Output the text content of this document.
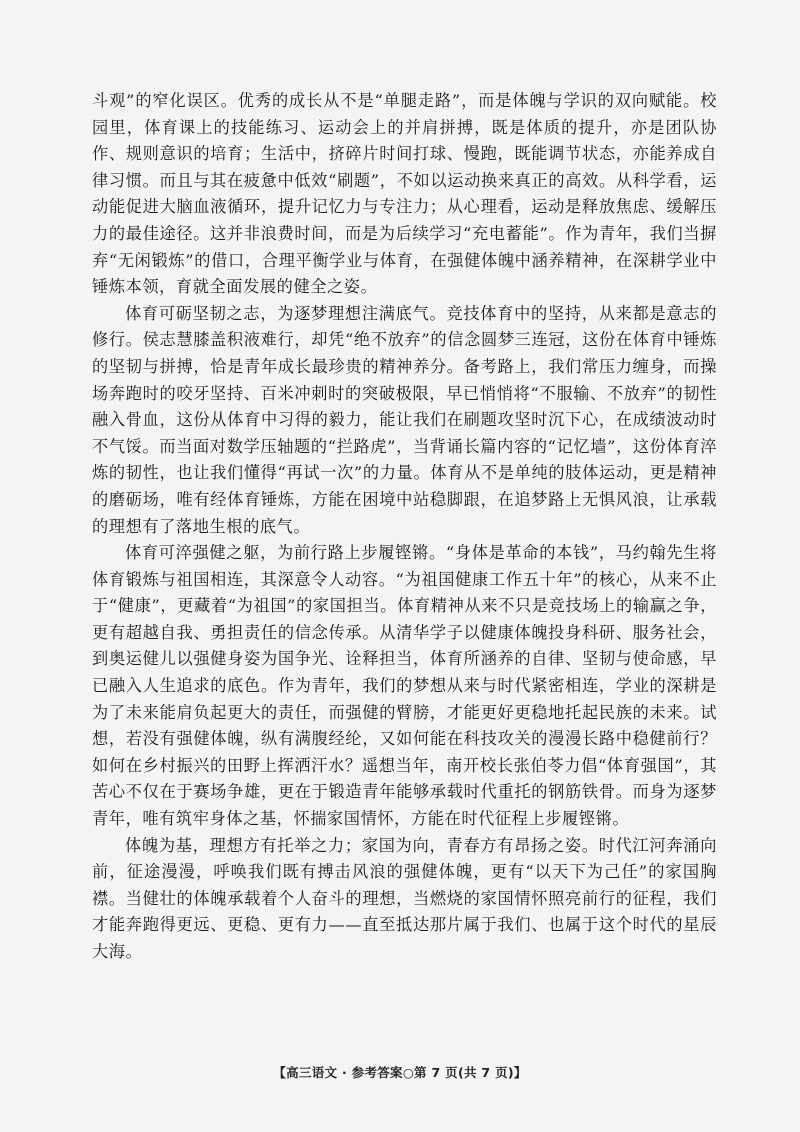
斗观”的窄化误区。优秀的成长从不是“单腿走路”，而是体魄与学识的双向赋能。校园里，体育课上的技能练习、运动会上的并肩拼搏，既是体质的提升，亦是团队协作、规则意识的培育；生活中，挤碎片时间打球、慢跑，既能调节状态，亦能养成自律习惯。而且与其在疲惫中低效“刷题”，不如以运动换来真正的高效。从科学看，运动能促进大脑血液循环，提升记忆力与专注力；从心理看，运动是释放焦虑、缓解压力的最佳途径。这并非浪费时间，而是为后续学习“充电蓄能”。作为青年，我们当摒弃“无闲锻炼”的借口，合理平衡学业与体育，在强健体魄中涵养精神，在深耕学业中锤炼本领，育就全面发展的健全之姿。

体育可砺坚韧之志，为逐梦理想注满底气。竞技体育中的坚持，从来都是意志的修行。侯志慧膝盖积液难行，却凭“绝不放弃”的信念圆梦三连冠，这份在体育中锤炼的坚韧与拼搏，恰是青年成长最珍贵的精神养分。备考路上，我们常压力缠身，而操场奔跑时的咬牙坚持、百米冲刺时的突破极限，早已悄悄将“不服输、不放弃”的韧性融入骨血，这份从体育中习得的毅力，能让我们在刷题攻坚时沉下心，在成绩波动时不气馁。而当面对数学压轴题的“拦路虎”，当背诵长篇内容的“记忆墙”，这份体育淬炼的韧性，也让我们懂得“再试一次”的力量。体育从不是单纯的肢体运动，更是精神的磨砺场，唯有经体育锤炼，方能在困境中站稳脚跟，在追梦路上无惧风浪，让承载的理想有了落地生根的底气。

体育可淬强健之躯，为前行路上步履铿锵。“身体是革命的本钱”，马约翰先生将体育锻炼与祖国相连，其深意令人动容。“为祖国健康工作五十年”的核心，从来不止于“健康”，更藏着“为祖国”的家国担当。体育精神从来不只是竞技场上的输赢之争，更有超越自我、勇担责任的信念传承。从清华学子以健康体魄投身科研、服务社会，到奥运健儿以强健身姿为国争光、诠释担当，体育所涵养的自律、坚韧与使命感，早已融入人生追求的底色。作为青年，我们的梦想从来与时代紧密相连，学业的深耕是为了未来能肩负起更大的责任，而强健的臂膀，才能更好更稳地托起民族的未来。试想，若没有强健体魄，纵有满腹经纶，又如何能在科技攻关的漫漫长路中稳健前行？如何在乡村振兴的田野上挥洒汗水？遥想当年，南开校长张伯苓力倡“体育强国”，其苦心不仅在于赛场争雄，更在于锻造青年能够承载时代重托的钢筋铁骨。而身为逐梦青年，唯有筑牢身体之基，怀揣家国情怀，方能在时代征程上步履铿锵。

体魄为基，理想方有托举之力；家国为向，青春方有昂扬之姿。时代江河奔涌向前，征途漫漫，呼唤我们既有搏击风浪的强健体魄，更有“以天下为己任”的家国胸襟。当健壮的体魄承载着个人奋斗的理想，当燃烧的家国情怀照亮前行的征程，我们才能奔跑得更远、更稳、更有力——直至抵达那片属于我们、也属于这个时代的星辰大海。

【高三语文 · 参考答案○第 7 页(共 7 页)】
